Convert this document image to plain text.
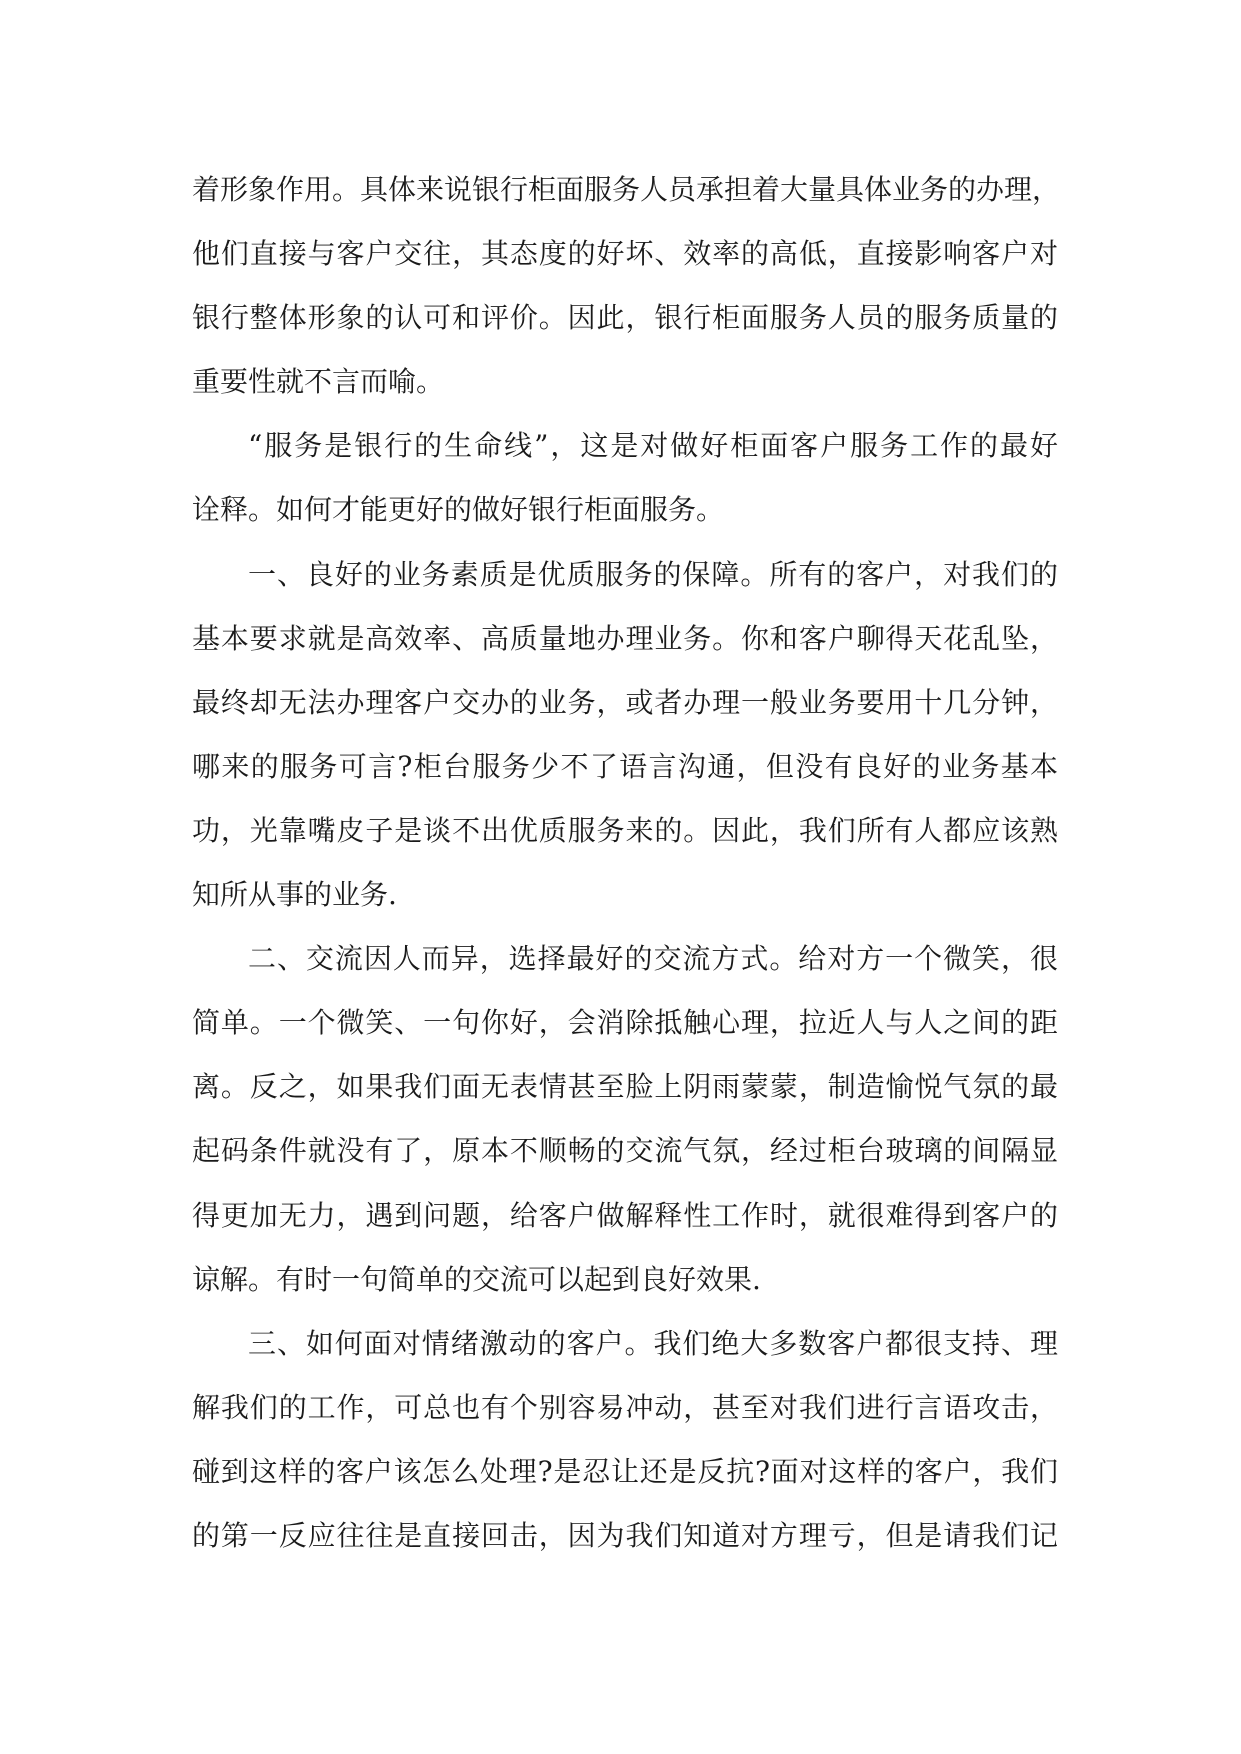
着形象作用。具体来说银行柜面服务人员承担着大量具体业务的办理，
他们直接与客户交往，其态度的好坏、效率的高低，直接影响客户对
银行整体形象的认可和评价。因此，银行柜面服务人员的服务质量的
重要性就不言而喻。
“服务是银行的生命线”，这是对做好柜面客户服务工作的最好
诠释。如何才能更好的做好银行柜面服务。
一、良好的业务素质是优质服务的保障。所有的客户，对我们的
基本要求就是高效率、高质量地办理业务。你和客户聊得天花乱坠，
最终却无法办理客户交办的业务，或者办理一般业务要用十几分钟，
哪来的服务可言?柜台服务少不了语言沟通，但没有良好的业务基本
功，光靠嘴皮子是谈不出优质服务来的。因此，我们所有人都应该熟
知所从事的业务.
二、交流因人而异，选择最好的交流方式。给对方一个微笑，很
简单。一个微笑、一句你好，会消除抵触心理，拉近人与人之间的距
离。反之，如果我们面无表情甚至脸上阴雨蒙蒙，制造愉悦气氛的最
起码条件就没有了，原本不顺畅的交流气氛，经过柜台玻璃的间隔显
得更加无力，遇到问题，给客户做解释性工作时，就很难得到客户的
谅解。有时一句简单的交流可以起到良好效果.
三、如何面对情绪激动的客户。我们绝大多数客户都很支持、理
解我们的工作，可总也有个别容易冲动，甚至对我们进行言语攻击，
碰到这样的客户该怎么处理?是忍让还是反抗?面对这样的客户，我们
的第一反应往往是直接回击，因为我们知道对方理亏，但是请我们记
